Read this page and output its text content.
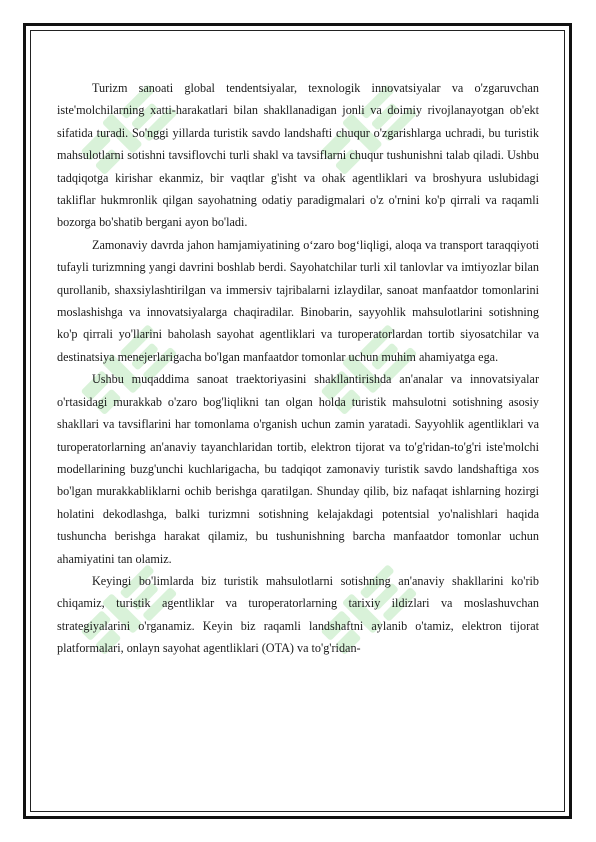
Turizm sanoati global tendentsiyalar, texnologik innovatsiyalar va o'zgaruvchan iste'molchilarning xatti-harakatlari bilan shakllanadigan jonli va doimiy rivojlanayotgan ob'ekt sifatida turadi. So'nggi yillarda turistik savdo landshafti chuqur o'zgarishlarga uchradi, bu turistik mahsulotlarni sotishni tavsiflovchi turli shakl va tavsiflarni chuqur tushunishni talab qiladi. Ushbu tadqiqotga kirishar ekanmiz, bir vaqtlar g'isht va ohak agentliklari va broshyura uslubidagi takliflar hukmronlik qilgan sayohatning odatiy paradigmalari o'z o'rnini ko'p qirrali va raqamli bozorga bo'shatib bergani ayon bo'ladi.

Zamonaviy davrda jahon hamjamiyatining o‘zaro bog‘liqligi, aloqa va transport taraqqiyoti tufayli turizmning yangi davrini boshlab berdi. Sayohatchilar turli xil tanlovlar va imtiyozlar bilan qurollanib, shaxsiylashtirilgan va immersiv tajribalarni izlaydilar, sanoat manfaatdor tomonlarini moslashishga va innovatsiyalarga chaqiradilar. Binobarin, sayyohlik mahsulotlarini sotishning ko'p qirrali yo'llarini baholash sayohat agentliklari va turoperatorlardan tortib siyosatchilar va destinatsiya menejerlarigacha bo'lgan manfaatdor tomonlar uchun muhim ahamiyatga ega.

Ushbu muqaddima sanoat traektoriyasini shakllantirishda an'analar va innovatsiyalar o'rtasidagi murakkab o'zaro bog'liqlikni tan olgan holda turistik mahsulotni sotishning asosiy shakllari va tavsiflarini har tomonlama o'rganish uchun zamin yaratadi. Sayyohlik agentliklari va turoperatorlarning an'anaviy tayanchlaridan tortib, elektron tijorat va to'g'ridan-to'g'ri iste'molchi modellarining buzg'unchi kuchlarigacha, bu tadqiqot zamonaviy turistik savdo landshaftiga xos bo'lgan murakkabliklarni ochib berishga qaratilgan. Shunday qilib, biz nafaqat ishlarning hozirgi holatini dekodlashga, balki turizmni sotishning kelajakdagi potentsial yo'nalishlari haqida tushuncha berishga harakat qilamiz, bu tushunishning barcha manfaatdor tomonlar uchun ahamiyatini tan olamiz.

Keyingi bo'limlarda biz turistik mahsulotlarni sotishning an'anaviy shakllarini ko'rib chiqamiz, turistik agentliklar va turoperatorlarning tarixiy ildizlari va moslashuvchan strategiyalarini o'rganamiz. Keyin biz raqamli landshaftni aylanib o'tamiz, elektron tijorat platformalari, onlayn sayohat agentliklari (OTA) va to'g'ridan-
